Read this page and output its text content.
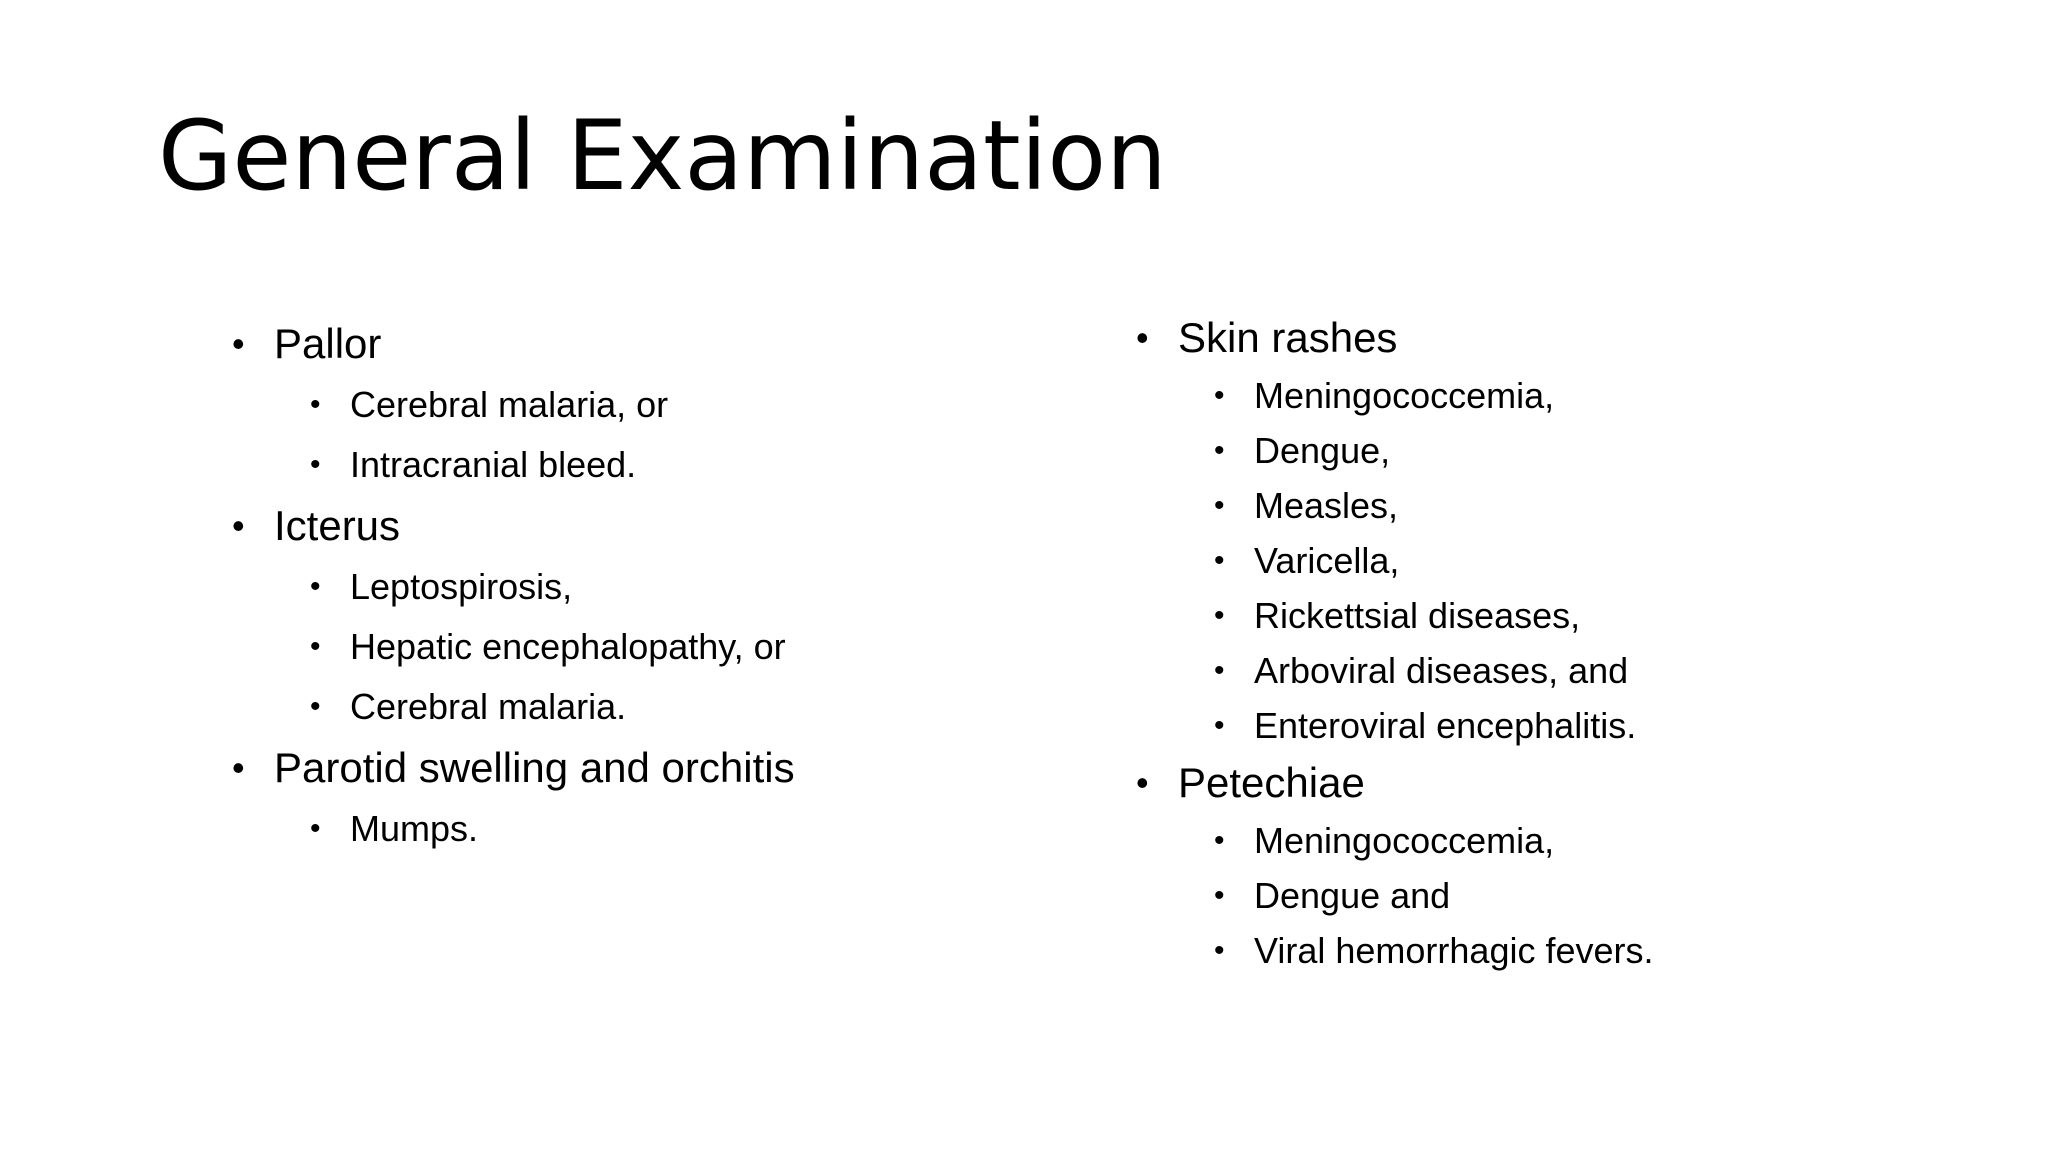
General Examination
• Pallor
• Cerebral malaria, or
• Intracranial bleed.
• Icterus
• Leptospirosis,
• Hepatic encephalopathy, or
• Cerebral malaria.
• Parotid swelling and orchitis
• Mumps.
• Skin rashes
• Meningococcemia,
• Dengue,
• Measles,
• Varicella,
• Rickettsial diseases,
• Arboviral diseases, and
• Enteroviral encephalitis.
• Petechiae
• Meningococcemia,
• Dengue and
• Viral hemorrhagic fevers.
